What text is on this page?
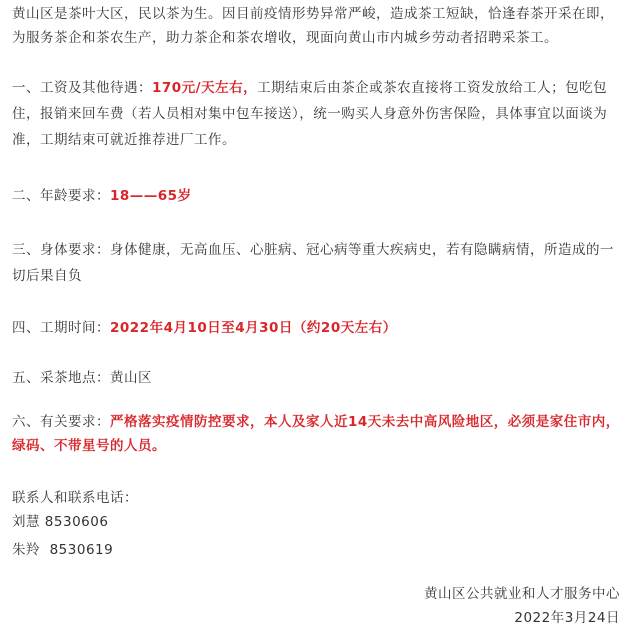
黄山区是茶叶大区，民以茶为生。因目前疫情形势异常严峻，造成茶工短缺，恰逢春茶开采在即，
为服务茶企和茶农生产，助力茶企和茶农增收，现面向黄山市内城乡劳动者招聘采茶工。
一、工资及其他待遇：170元/天左右，工期结束后由茶企或茶农直接将工资发放给工人；包吃包
住，报销来回车费（若人员相对集中包车接送），统一购买人身意外伤害保险，具体事宜以面谈为
准，工期结束可就近推荐进厂工作。
二、年龄要求：18——65岁
三、身体要求：身体健康，无高血压、心脏病、冠心病等重大疾病史，若有隐瞒病情，所造成的一
切后果自负
四、工期时间：2022年4月10日至4月30日（约20天左右）
五、采茶地点：黄山区
六、有关要求：严格落实疫情防控要求，本人及家人近14天未去中高风险地区，必须是家住市内，
绿码、不带星号的人员。
联系人和联系电话：
刘慧 8530606
朱羚 8530619
黄山区公共就业和人才服务中心
2022年3月24日
